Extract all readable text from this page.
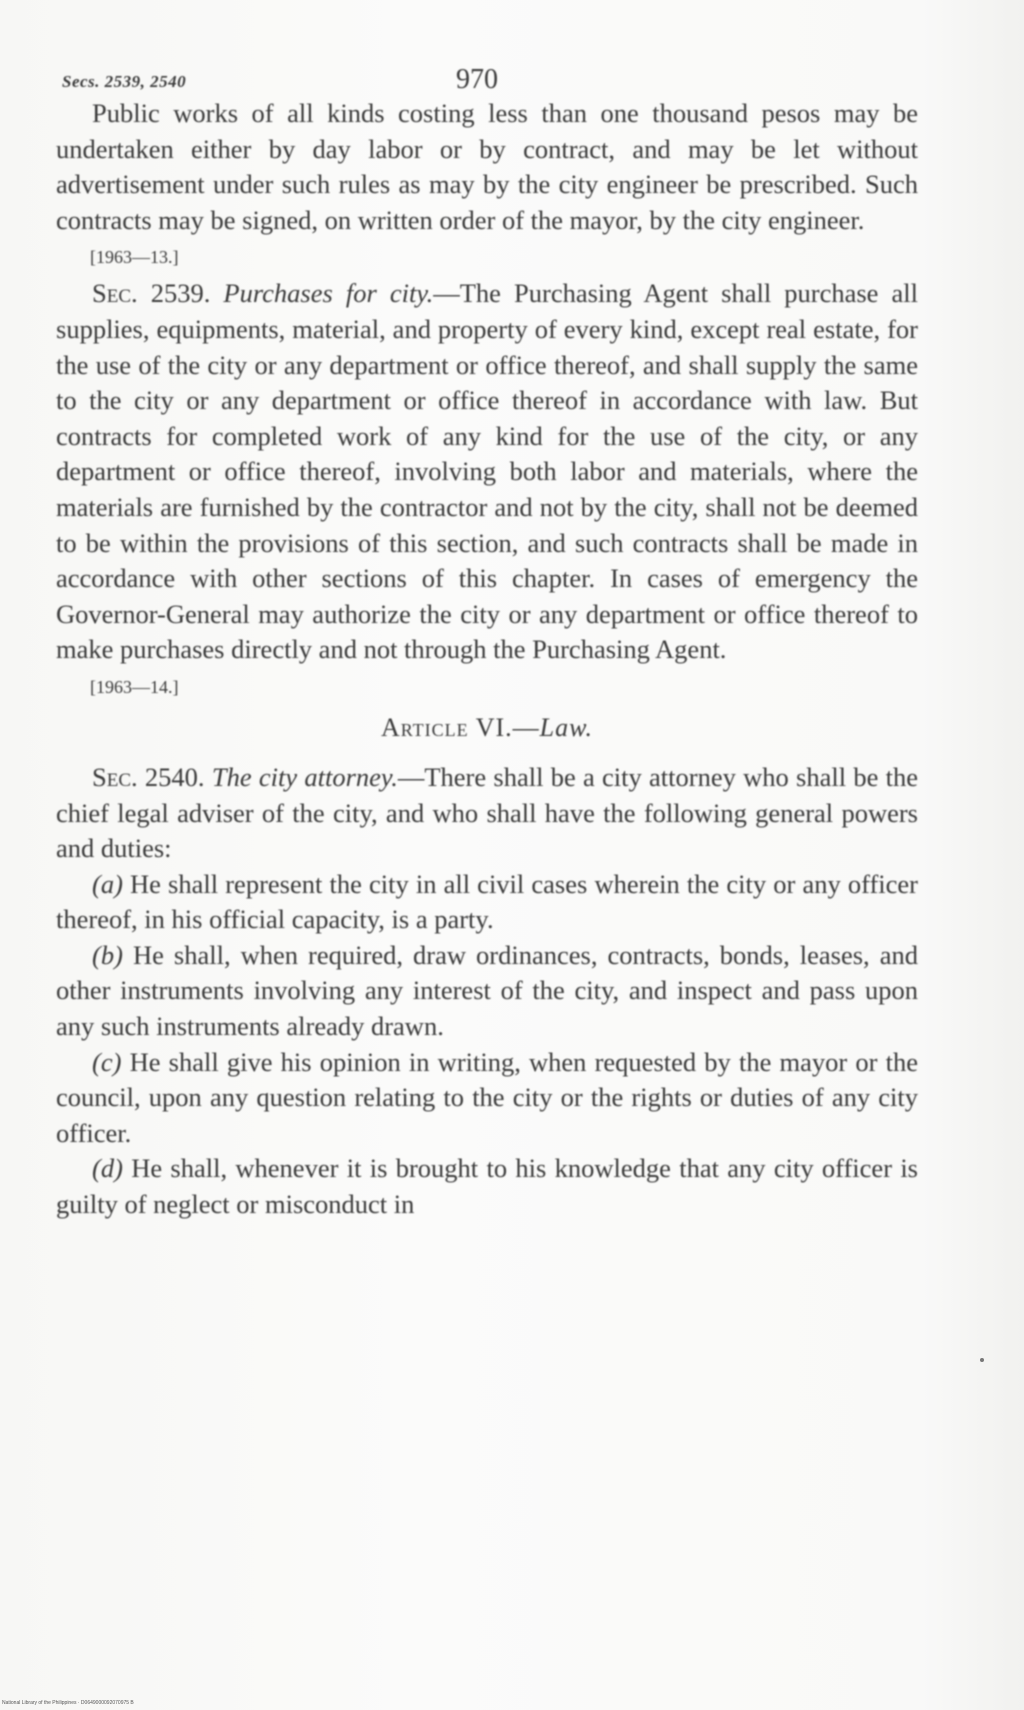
Secs. 2539, 2540	970

Public works of all kinds costing less than one thousand pesos may be undertaken either by day labor or by contract, and may be let without advertisement under such rules as may by the city engineer be prescribed. Such contracts may be signed, on written order of the mayor, by the city engineer.

[1963—13.]

Sec. 2539. Purchases for city.—The Purchasing Agent shall purchase all supplies, equipments, material, and property of every kind, except real estate, for the use of the city or any department or office thereof, and shall supply the same to the city or any department or office thereof in accordance with law. But contracts for completed work of any kind for the use of the city, or any department or office thereof, involving both labor and materials, where the materials are furnished by the contractor and not by the city, shall not be deemed to be within the provisions of this section, and such contracts shall be made in accordance with other sections of this chapter. In cases of emergency the Governor-General may authorize the city or any department or office thereof to make purchases directly and not through the Purchasing Agent.

[1963—14.]

Article VI.—Law.

Sec. 2540. The city attorney.—There shall be a city attorney who shall be the chief legal adviser of the city, and who shall have the following general powers and duties:

(a) He shall represent the city in all civil cases wherein the city or any officer thereof, in his official capacity, is a party.

(b) He shall, when required, draw ordinances, contracts, bonds, leases, and other instruments involving any interest of the city, and inspect and pass upon any such instruments already drawn.

(c) He shall give his opinion in writing, when requested by the mayor or the council, upon any question relating to the city or the rights or duties of any city officer.

(d) He shall, whenever it is brought to his knowledge that any city officer is guilty of neglect or misconduct in

National Library of the Philippines · D0649000092070975 B
